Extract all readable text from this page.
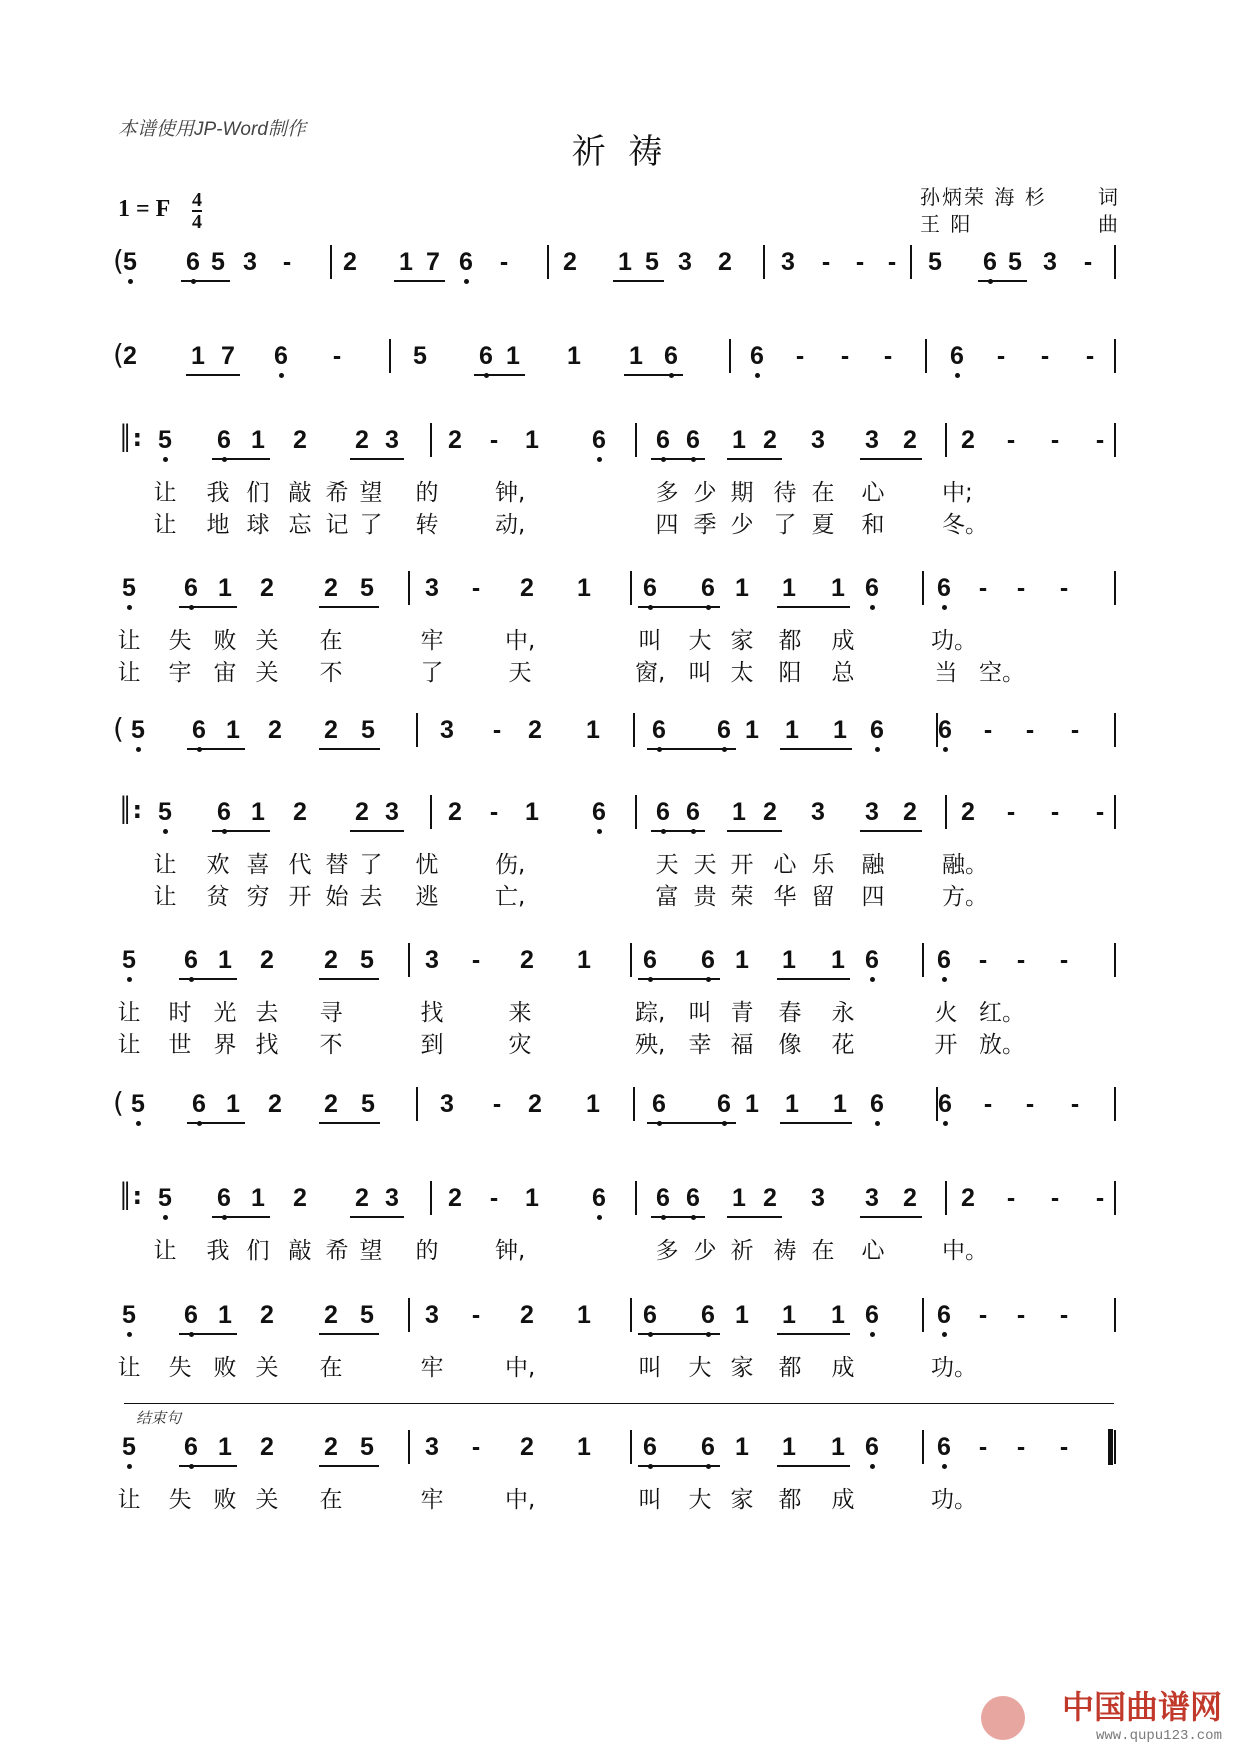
本谱使用JP-Word制作
祈 祷
1 = F 4
4
孙炳荣 海 杉	词
王 阳	曲
5	6 5 3	-	2	1 7 6	-	2	1 5 3	2	3	-	- -	5	6 5 3	-
(
2	1 7	6	-	5	6 1	1	1 6	6	-	-	-	6	-	-	-
(
5	6 1	2	2 3	2	-	1	6	6 6	1 2	3	3 2	2	-	-	-
║:
5	6 1	2	2 5	3	-	2	1	6	6 1	1	1 6	6	-	-	-
5	6 1	2	2 5	3	-	2	1	6	6 1	1	1 6	6	-	-	-
(
5	6 1	2	2 3	2	-	1	6	6 6	1 2	3	3 2	2	-	-	-
║:
5	6 1	2	2 5	3	-	2	1	6	6 1	1	1 6	6	-	-	-
5	6 1	2	2 5	3	-	2	1	6	6 1	1	1 6	6	-	-	-
(
5	6 1	2	2 3	2	-	1	6	6 6	1 2	3	3 2	2	-	-	-
║:
5	6 1	2	2 5	3	-	2	1	6	6 1	1	1 6	6	-	-	-
5	6 1	2	2 5	3	-	2	1	6	6 1	1	1 6	6	-	-	-
让 我 们 敲 希 望 的 钟,	多 少 期 待 在 心	中;
让 地 球 忘 记 了 转 动,	四 季 少 了 夏 和	冬。
让 失 败 关 在	牢	中,	叫 大 家 都 成	功。
让 宇 宙 关 不	了	天	窗, 叫 太 阳 总	当 空。
让 欢 喜 代 替 了 忧 伤,	天 天 开 心 乐 融	融。
让 贫 穷 开 始 去 逃 亡,	富 贵 荣 华 留 四	方。
让 时 光 去 寻	找	来	踪, 叫 青 春 永	火 红。
让 世 界 找 不	到	灾	殃, 幸 福 像 花	开 放。
让 我 们 敲 希 望 的 钟,	多 少 祈 祷 在 心	中。
让 失 败 关 在	牢	中,	叫 大 家 都 成	功。
让 失 败 关 在	牢	中,	叫 大 家 都 成	功。
结束句
中国曲谱网
www.qupu123.com
